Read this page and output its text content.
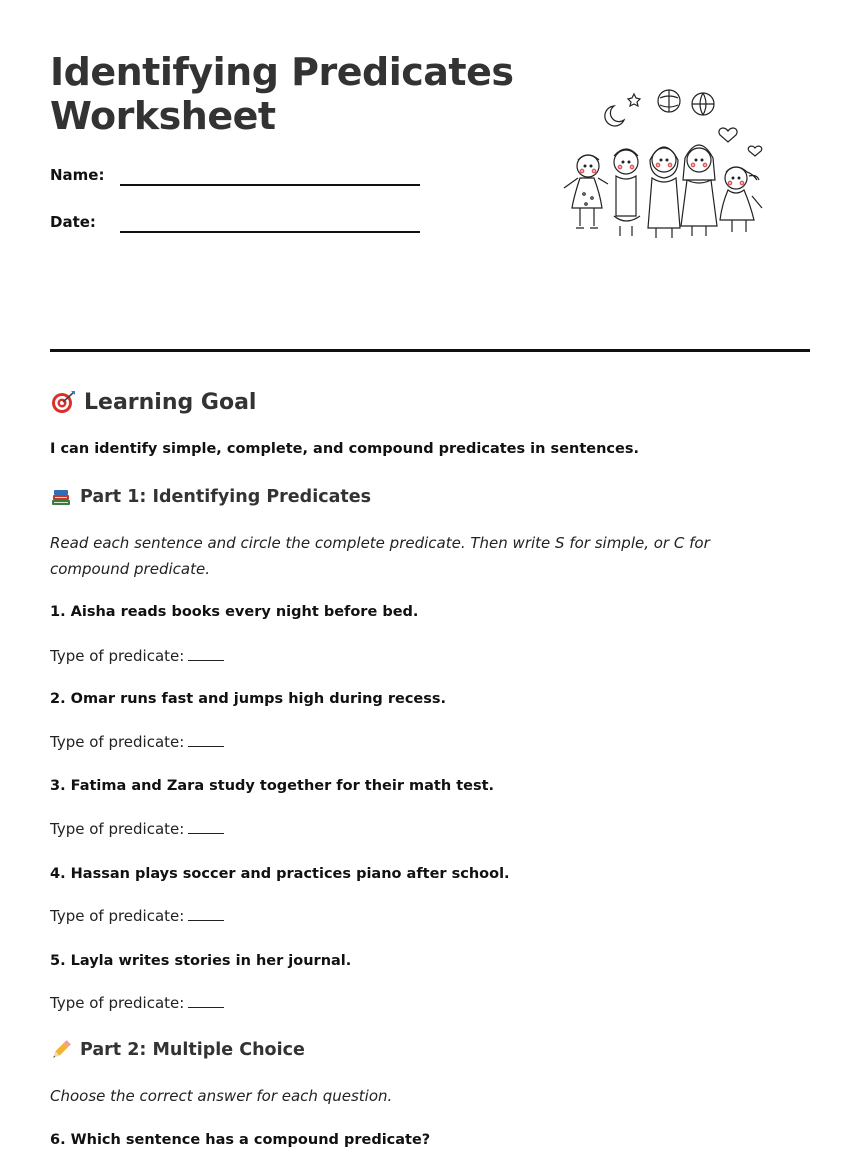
Identifying Predicates
Worksheet
Name:
Date:
Learning Goal
I can identify simple, complete, and compound predicates in sentences.
Part 1: Identifying Predicates
Read each sentence and circle the complete predicate. Then write S for simple, or C for compound predicate.
1. Aisha reads books every night before bed.
Type of predicate:
2. Omar runs fast and jumps high during recess.
Type of predicate:
3. Fatima and Zara study together for their math test.
Type of predicate:
4. Hassan plays soccer and practices piano after school.
Type of predicate:
5. Layla writes stories in her journal.
Type of predicate:
Part 2: Multiple Choice
Choose the correct answer for each question.
6. Which sentence has a compound predicate?
